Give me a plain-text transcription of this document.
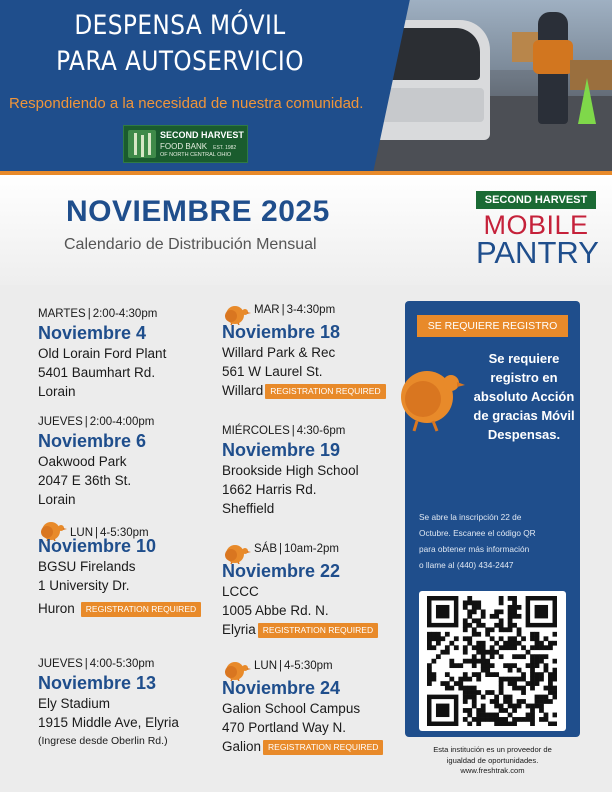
DESPENSA MÓVIL
PARA AUTOSERVICIO
Respondiendo a la necesidad de nuestra comunidad.
SECOND HARVEST
FOOD BANK EST. 1982
OF NORTH CENTRAL OHIO
NOVIEMBRE 2025
Calendario de Distribución Mensual
SECOND HARVEST
MOBILE
PANTRY
MARTES | 2:00-4:30pm
Noviembre 4
Old Lorain Ford Plant
5401 Baumhart Rd.
Lorain
JUEVES | 2:00-4:00pm
Noviembre 6
Oakwood Park
2047 E 36th St.
Lorain
LUN | 4-5:30pm
Noviembre 10
BGSU Firelands
1 University Dr.
Huron REGISTRATION REQUIRED
JUEVES | 4:00-5:30pm
Noviembre 13
Ely Stadium
1915 Middle Ave, Elyria
(Ingrese desde Oberlin Rd.)
MAR | 3-4:30pm
Noviembre 18
Willard Park & Rec
561 W Laurel St.
Willard REGISTRATION REQUIRED
MIÉRCOLES | 4:30-6pm
Noviembre 19
Brookside High School
1662 Harris Rd.
Sheffield
SÁB | 10am-2pm
Noviembre 22
LCCC
1005 Abbe Rd. N.
Elyria REGISTRATION REQUIRED
LUN | 4-5:30pm
Noviembre 24
Galion School Campus
470 Portland Way N.
Galion REGISTRATION REQUIRED
SE REQUIERE REGISTRO
Se requiere registro en absoluto Acción de gracias Móvil Despensas.
Se abre la inscripción 22 de
Octubre. Escanee el código QR
para obtener más información
o llame al (440) 434-2447
Esta institución es un proveedor de
igualdad de oportunidades.
www.freshtrak.com
